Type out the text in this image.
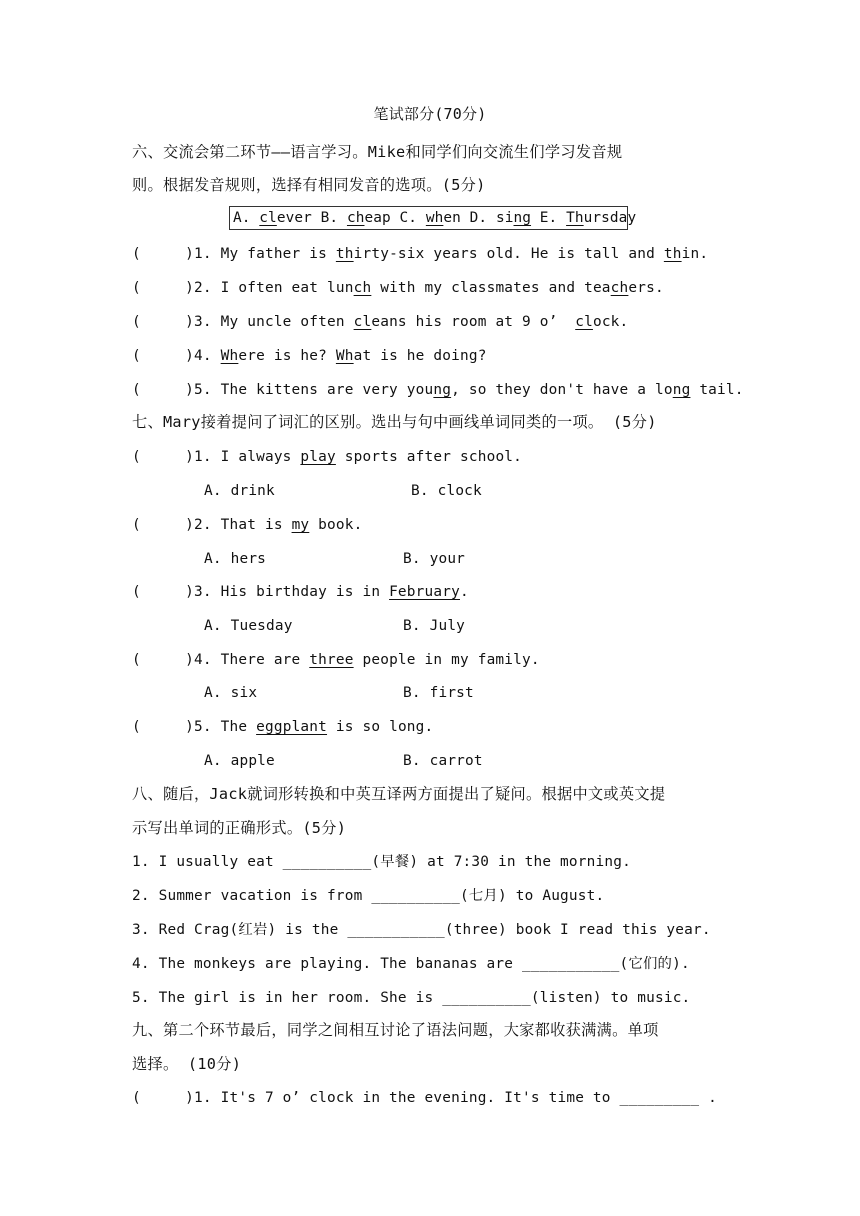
笔试部分(70分)
六、交流会第二环节——语言学习。Mike和同学们向交流生们学习发音规
则。根据发音规则，选择有相同发音的选项。(5分)
A. clever B. cheap C. when D. sing E. Thursday
(     )1. My father is thirty-six years old. He is tall and thin.
(     )2. I often eat lunch with my classmates and teachers.
(     )3. My uncle often cleans his room at 9 o’  clock.
(     )4. Where is he? What is he doing?
(     )5. The kittens are very young, so they don't have a long tail.
七、Mary接着提问了词汇的区别。选出与句中画线单词同类的一项。 (5分)
(     )1. I always play sports after school.
A. drink	B. clock
(     )2. That is my book.
A. hers	B. your
(     )3. His birthday is in February.
A. Tuesday	B. July
(     )4. There are three people in my family.
A. six	B. first
(     )5. The eggplant is so long.
A. apple	B. carrot
八、随后，Jack就词形转换和中英互译两方面提出了疑问。根据中文或英文提
示写出单词的正确形式。(5分)
1. I usually eat __________(早餐) at 7:30 in the morning.
2. Summer vacation is from __________(七月) to August.
3. Red Crag(红岩) is the ___________(three) book I read this year.
4. The monkeys are playing. The bananas are ___________(它们的).
5. The girl is in her room. She is __________(listen) to music.
九、第二个环节最后，同学之间相互讨论了语法问题，大家都收获满满。单项
选择。 (10分)
(     )1. It's 7 o’ clock in the evening. It's time to _________ .
